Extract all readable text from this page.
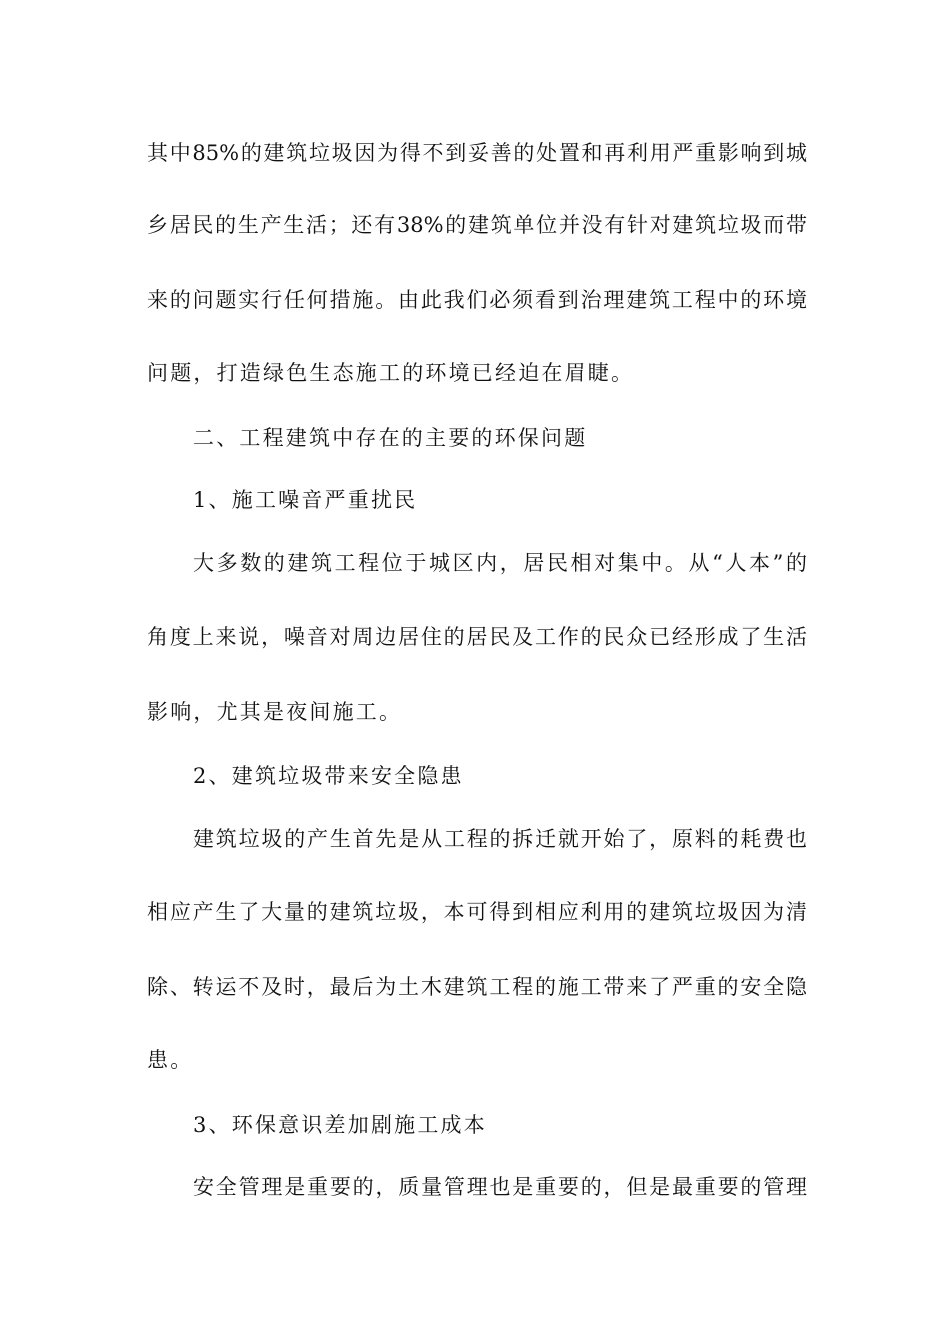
其中85%的建筑垃圾因为得不到妥善的处置和再利用严重影响到城
乡居民的生产生活；还有38%的建筑单位并没有针对建筑垃圾而带
来的问题实行任何措施。由此我们必须看到治理建筑工程中的环境
问题，打造绿色生态施工的环境已经迫在眉睫。
二、工程建筑中存在的主要的环保问题
1、施工噪音严重扰民
大多数的建筑工程位于城区内，居民相对集中。从“人本”的
角度上来说，噪音对周边居住的居民及工作的民众已经形成了生活
影响，尤其是夜间施工。
2、建筑垃圾带来安全隐患
建筑垃圾的产生首先是从工程的拆迁就开始了，原料的耗费也
相应产生了大量的建筑垃圾，本可得到相应利用的建筑垃圾因为清
除、转运不及时，最后为土木建筑工程的施工带来了严重的安全隐
患。
3、环保意识差加剧施工成本
安全管理是重要的，质量管理也是重要的，但是最重要的管理
